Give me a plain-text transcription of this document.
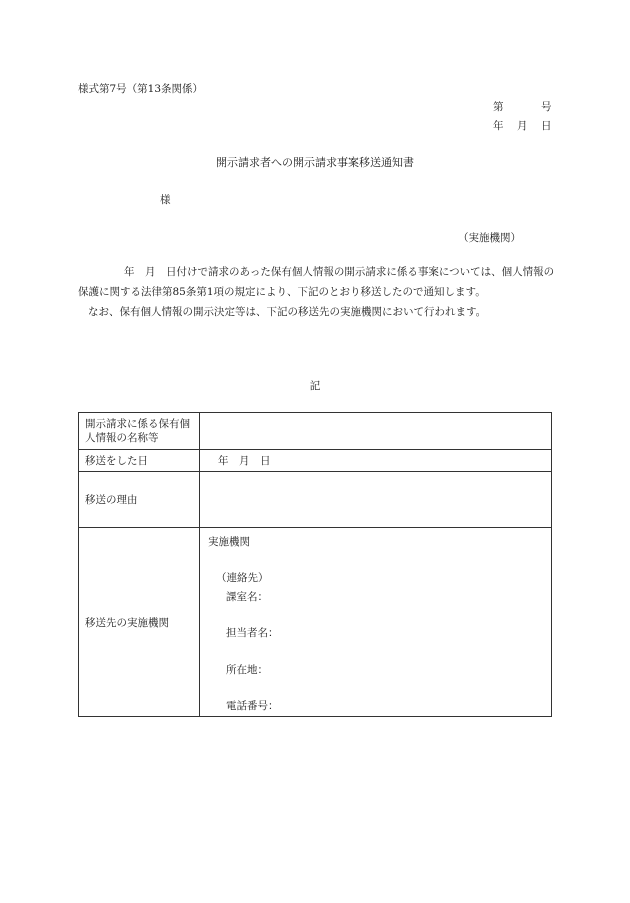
様式第7号（第13条関係）
第	号
年 月 日
開示請求者への開示請求事案移送通知書
様
（実施機関）

年　月　日付けで請求のあった保有個人情報の開示請求に係る事案については、個人情報の保護に関する法律第85条第1項の規定により、下記のとおり移送したので通知します。

なお、保有個人情報の開示決定等は、下記の移送先の実施機関において行われます。

記
開示請求に係る保有個人情報の名称等
移送をした日	年　月　日
移送の理由
移送先の実施機関
実施機関
（連絡先）
課室名：
担当者名：
所在地：
電話番号：
